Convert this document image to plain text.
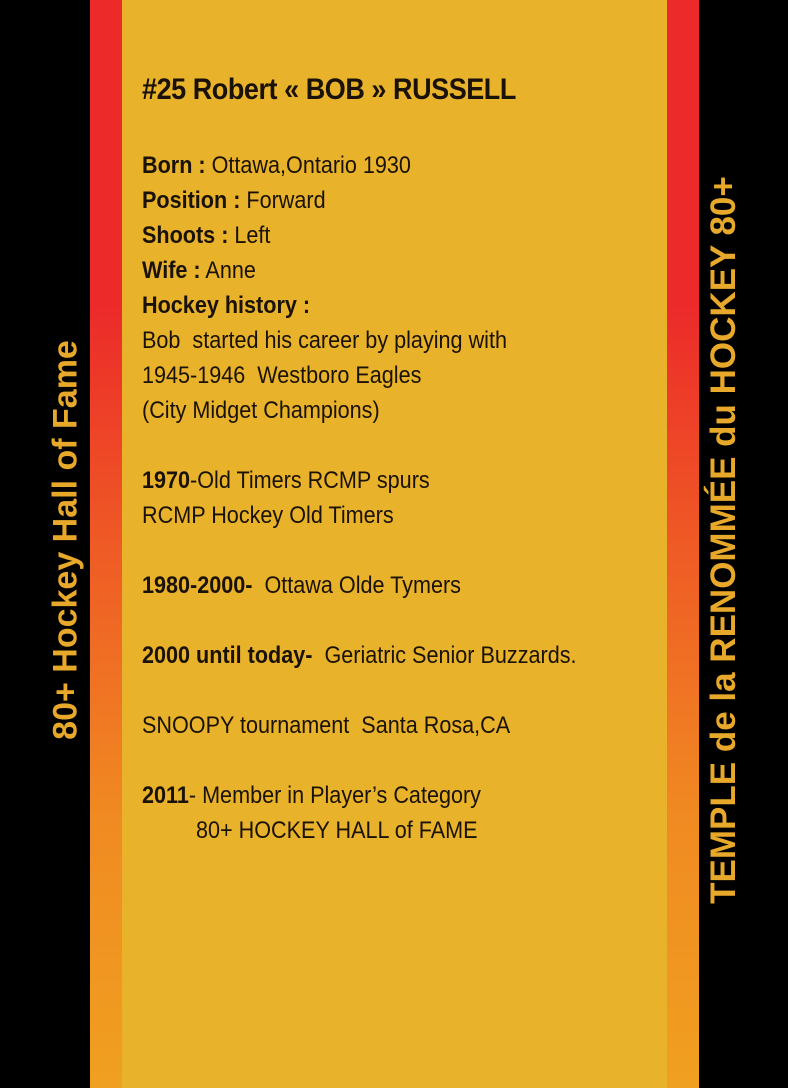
80+ Hockey Hall of Fame	TEMPLE de la RENOMMÉE du HOCKEY 80+
#25 Robert « BOB » RUSSELL
Born : Ottawa,Ontario 1930
Position : Forward
Shoots : Left
Wife : Anne
Hockey history :
Bob  started his career by playing with
1945-1946  Westboro Eagles
(City Midget Champions)
1970-Old Timers RCMP spurs
RCMP Hockey Old Timers
1980-2000-  Ottawa Olde Tymers
2000 until today-  Geriatric Senior Buzzards.
SNOOPY tournament  Santa Rosa,CA
2011- Member in Player’s Category
80+ HOCKEY HALL of FAME
